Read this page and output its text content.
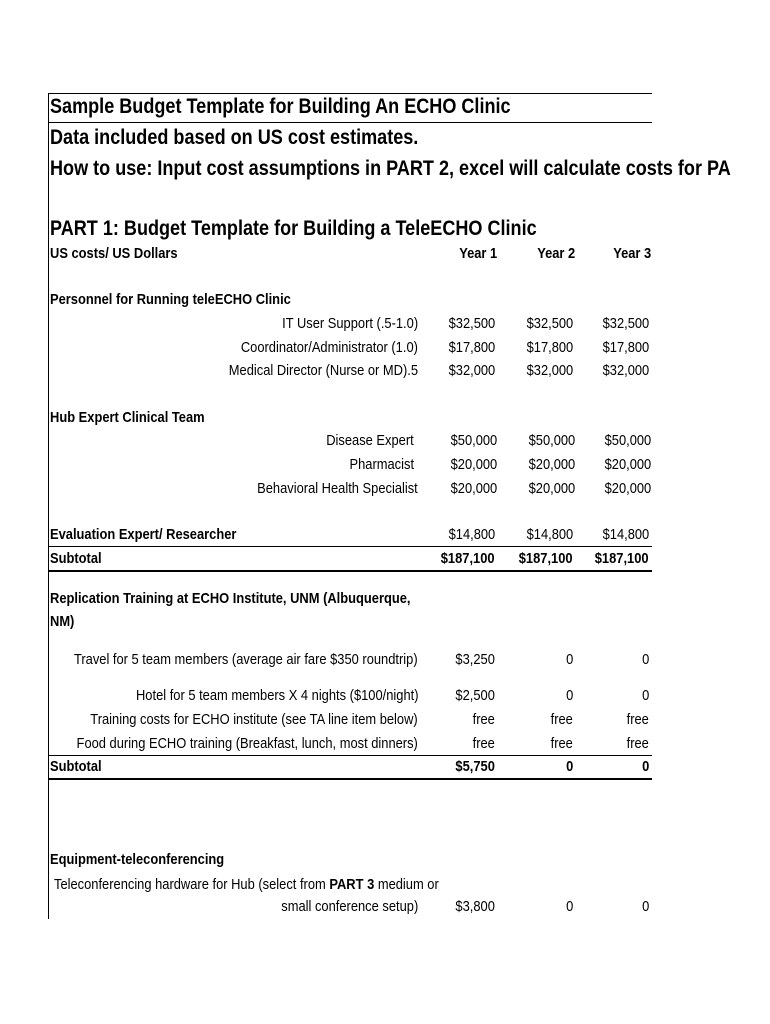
Sample Budget Template for Building An ECHO Clinic
Data included based on US cost estimates.
How to use: Input cost assumptions in PART 2, excel will calculate costs for PA
PART 1: Budget Template for Building a TeleECHO Clinic
US costs/ US Dollars	Year 1	Year 2	Year 3
Personnel for Running teleECHO Clinic
IT User Support (.5-1.0) $32,500 $32,500 $32,500
Coordinator/Administrator (1.0) $17,800 $17,800 $17,800
Medical Director (Nurse or MD).5 $32,000 $32,000 $32,000
Hub Expert Clinical Team
Disease Expert $50,000 $50,000 $50,000
Pharmacist $20,000 $20,000 $20,000
Behavioral Health Specialist $20,000 $20,000 $20,000
Evaluation Expert/ Researcher	$14,800 $14,800 $14,800
Subtotal	$187,100 $187,100 $187,100
Replication Training at ECHO Institute, UNM (Albuquerque,
NM)
Travel for 5 team members (average air fare $350 roundtrip)	$3,250	0	0
Hotel for 5 team members X 4 nights ($100/night)	$2,500	0	0
Training costs for ECHO institute (see TA line item below)	free	free	free
Food during ECHO training (Breakfast, lunch, most dinners)	free	free	free
Subtotal	$5,750	0	0
Equipment-teleconferencing
Teleconferencing hardware for Hub (select from PART 3 medium or
small conference setup)	$3,800	0	0
